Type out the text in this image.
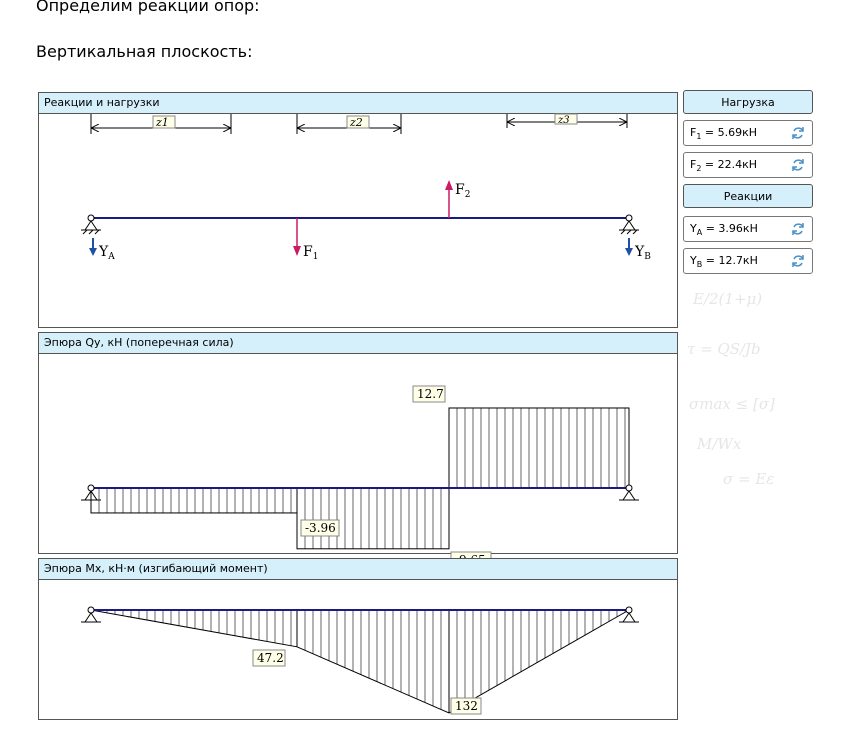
Определим реакции опор:
Вертикальная плоскость:
Реакции и нагрузки
z1	z2	z3
$Y_A$	$Y_B$
$F_1$
$F_2$
Эпюра Qy, кН (поперечная сила)
12.7
-3.96
Эпюра Mx, кН·м (изгибающий момент)
47.2
132
Нагрузка
$F_1 = 5.69кН$
$F_2 = 22.4кН$
Реакции
$Y_A = 3.96кН$
$Y_B = 12.7кН$
E/2(1+μ)
τ = QS/Jb
σmax ≤ [σ]
σ = Eε
M/Wx
